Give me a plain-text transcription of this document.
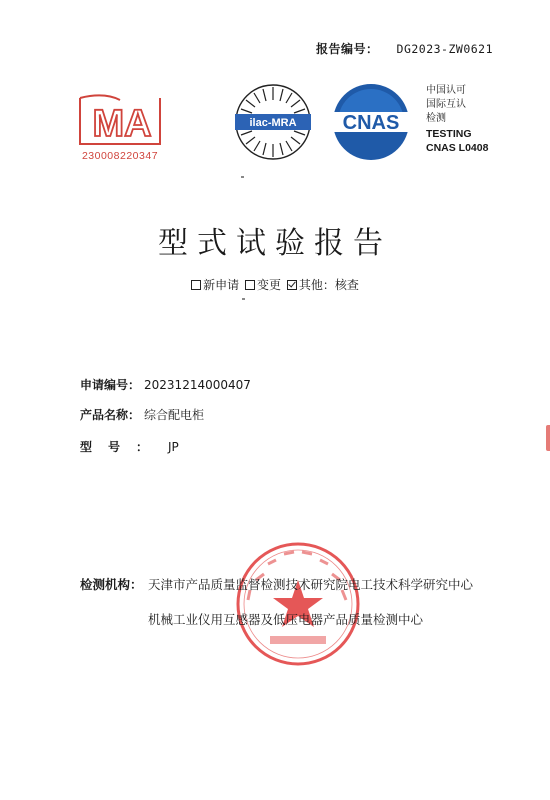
报告编号： DG2023-ZW0621
MA
230008220347
ilac-MRA CNAS
中国认可
国际互认
检测
TESTING
CNAS L0408
型式试验报告
新申请 变更 其他：核查
申请编号： 20231214000407
产品名称： 综合配电柜
型号： JP
检测机构： 天津市产品质量监督检测技术研究院电工技术科学研究中心
机械工业仪用互感器及低压电器产品质量检测中心
